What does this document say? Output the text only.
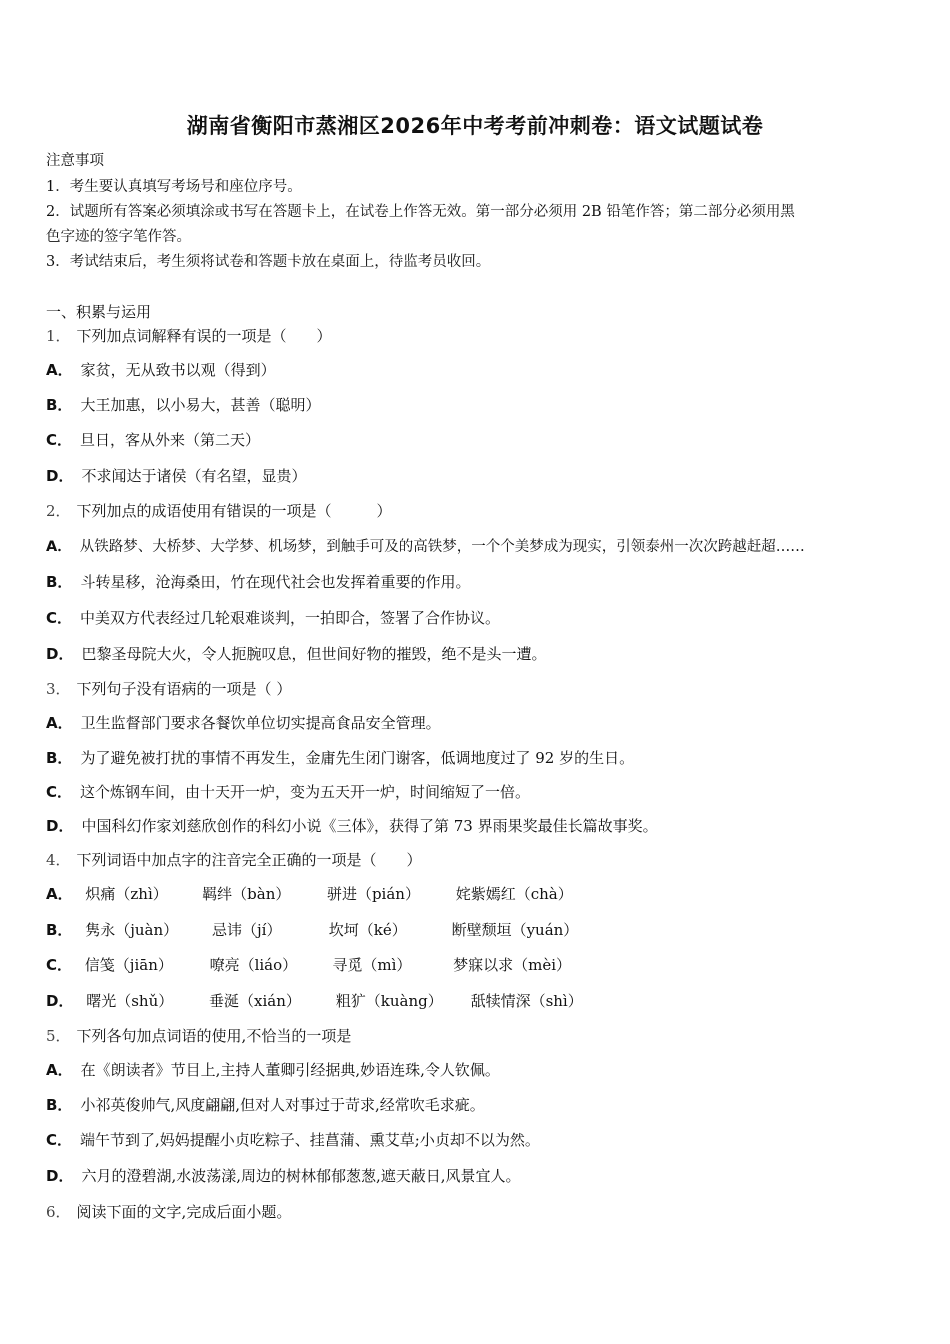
湖南省衡阳市蒸湘区2026年中考考前冲刺卷：语文试题试卷
注意事项
1．考生要认真填写考场号和座位序号。
2．试题所有答案必须填涂或书写在答题卡上，在试卷上作答无效。第一部分必须用 2B 铅笔作答；第二部分必须用黑
色字迹的签字笔作答。
3．考试结束后，考生须将试卷和答题卡放在桌面上，待监考员收回。
一、积累与运用
1． 下列加点词解释有误的一项是（　　）
A． 家贫，无从致书以观（得到）
B． 大王加惠，以小易大，甚善（聪明）
C． 旦日，客从外来（第二天）
D． 不求闻达于诸侯（有名望，显贵）
2． 下列加点的成语使用有错误的一项是（　　　）
A． 从铁路梦、大桥梦、大学梦、机场梦，到触手可及的高铁梦，一个个美梦成为现实，引领泰州一次次跨越赶超……
B． 斗转星移，沧海桑田，竹在现代社会也发挥着重要的作用。
C． 中美双方代表经过几轮艰难谈判，一拍即合，签署了合作协议。
D． 巴黎圣母院大火，令人扼腕叹息，但世间好物的摧毁，绝不是头一遭。
3． 下列句子没有语病的一项是（ ）
A． 卫生监督部门要求各餐饮单位切实提高食品安全管理。
B． 为了避免被打扰的事情不再发生，金庸先生闭门谢客，低调地度过了 92 岁的生日。
C． 这个炼钢车间，由十天开一炉，变为五天开一炉，时间缩短了一倍。
D． 中国科幻作家刘慈欣创作的科幻小说《三体》，获得了第 73 界雨果奖最佳长篇故事奖。
4． 下列词语中加点字的注音完全正确的一项是（　　）
A． 炽痛（zhì） 羁绊（bàn） 骈进（pián） 姹紫嫣红（chà）
B． 隽永（juàn） 忌讳（jí）	坎坷（ké）	断壁颓垣（yuán）
C． 信笺（jiān） 嘹亮（liáo） 寻觅（mì）	梦寐以求（mèi）
D． 曙光（shǔ） 垂涎（xián） 粗犷（kuàng） 舐犊情深（shì）
5． 下列各句加点词语的使用,不恰当的一项是
A． 在《朗读者》节目上,主持人董卿引经据典,妙语连珠,令人钦佩。
B． 小祁英俊帅气,风度翩翩,但对人对事过于苛求,经常吹毛求疵。
C． 端午节到了,妈妈提醒小贞吃粽子、挂菖蒲、熏艾草;小贞却不以为然。
D． 六月的澄碧湖,水波荡漾,周边的树林郁郁葱葱,遮天蔽日,风景宜人。
6． 阅读下面的文字,完成后面小题。
